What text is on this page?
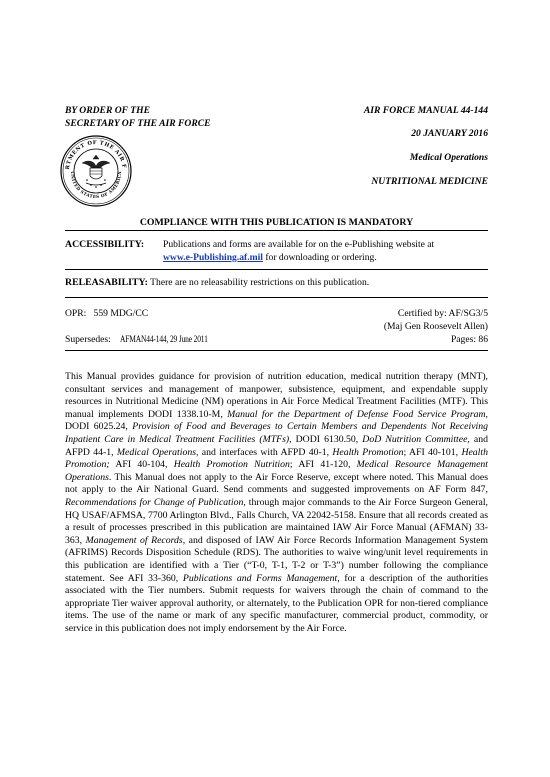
BY ORDER OF THE
SECRETARY OF THE AIR FORCE
AIR FORCE MANUAL 44-144
20 JANUARY 2016
Medical Operations
NUTRITIONAL MEDICINE
RTMENT OF THE AIR F
UNITED STATES OF AMERICA
COMPLIANCE WITH THIS PUBLICATION IS MANDATORY
ACCESSIBILITY: Publications and forms are available for on the e-Publishing website at
www.e-Publishing.af.mil for downloading or ordering.
RELEASABILITY: There are no releasability restrictions on this publication.
OPR: 559 MDG/CC	Certified by: AF/SG3/5
(Maj Gen Roosevelt Allen)
Supersedes: AFMAN44-144, 29 June 2011	Pages: 86
This Manual provides guidance for provision of nutrition education, medical nutrition therapy (MNT), consultant services and management of manpower, subsistence, equipment, and expendable supply resources in Nutritional Medicine (NM) operations in Air Force Medical Treatment Facilities (MTF). This manual implements DODI 1338.10-M, Manual for the Department of Defense Food Service Program, DODI 6025.24, Provision of Food and Beverages to Certain Members and Dependents Not Receiving Inpatient Care in Medical Treatment Facilities (MTFs), DODI 6130.50, DoD Nutrition Committee, and AFPD 44-1, Medical Operations, and interfaces with AFPD 40-1, Health Promotion; AFI 40-101, Health Promotion; AFI 40-104, Health Promotion Nutrition; AFI 41-120, Medical Resource Management Operations. This Manual does not apply to the Air Force Reserve, except where noted. This Manual does not apply to the Air National Guard. Send comments and suggested improvements on AF Form 847, Recommendations for Change of Publication, through major commands to the Air Force Surgeon General, HQ USAF/AFMSA, 7700 Arlington Blvd., Falls Church, VA 22042-5158. Ensure that all records created as a result of processes prescribed in this publication are maintained IAW Air Force Manual (AFMAN) 33-363, Management of Records, and disposed of IAW Air Force Records Information Management System (AFRIMS) Records Disposition Schedule (RDS). The authorities to waive wing/unit level requirements in this publication are identified with a Tier (“T-0, T-1, T-2 or T-3”) number following the compliance statement. See AFI 33-360, Publications and Forms Management, for a description of the authorities associated with the Tier numbers. Submit requests for waivers through the chain of command to the appropriate Tier waiver approval authority, or alternately, to the Publication OPR for non-tiered compliance items. The use of the name or mark of any specific manufacturer, commercial product, commodity, or service in this publication does not imply endorsement by the Air Force.
